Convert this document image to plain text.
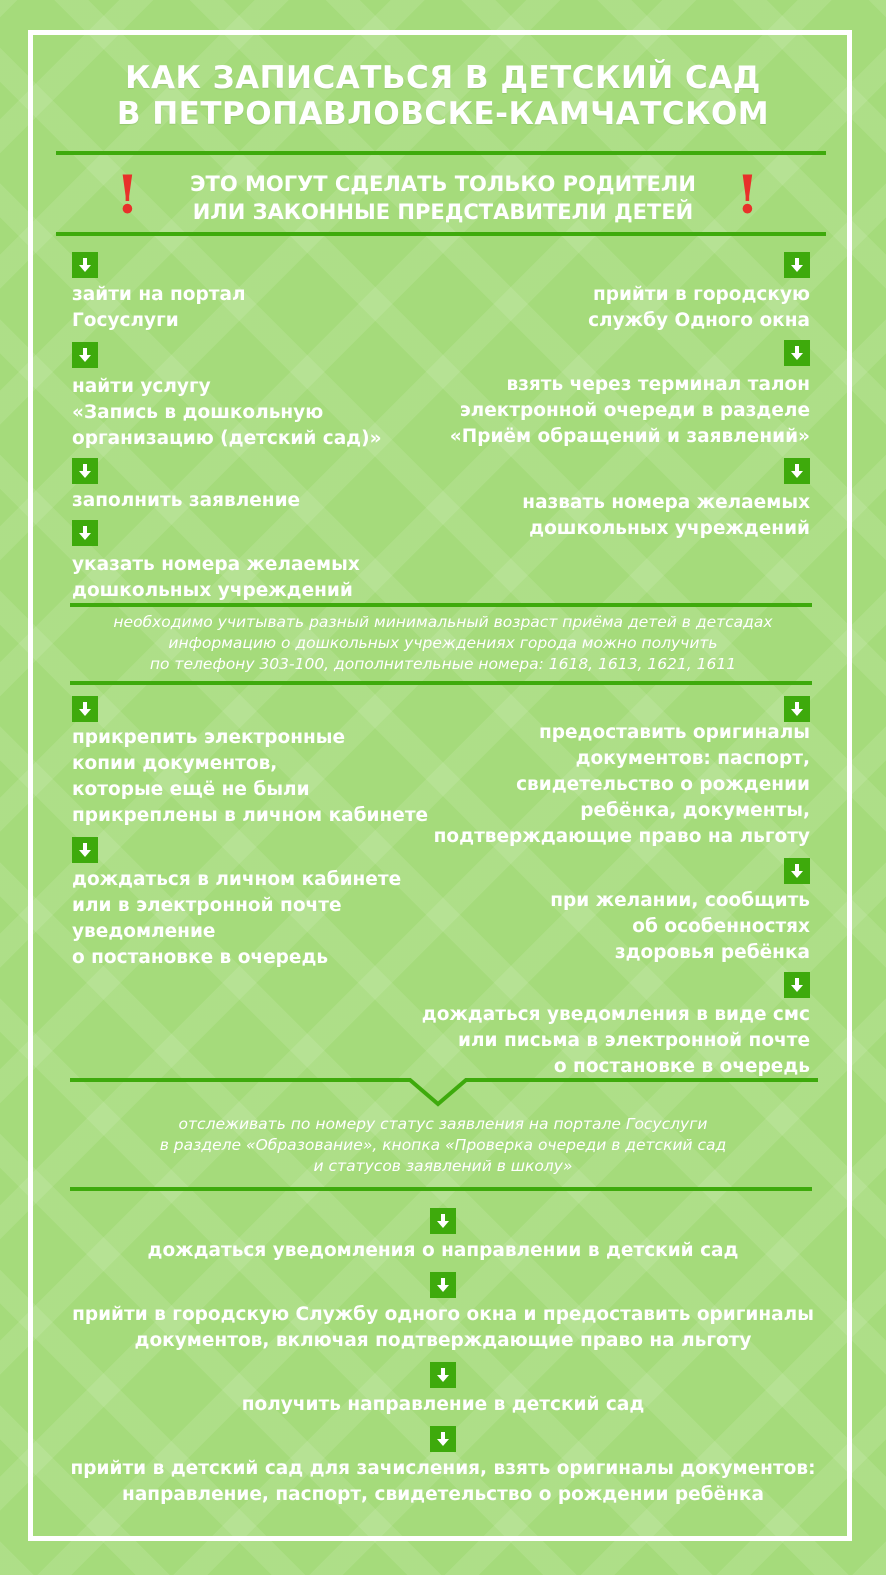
КАК ЗАПИСАТЬСЯ В ДЕТСКИЙ САД
В ПЕТРОПАВЛОВСКЕ-КАМЧАТСКОМ
!	!
ЭТО МОГУТ СДЕЛАТЬ ТОЛЬКО РОДИТЕЛИ
ИЛИ ЗАКОННЫЕ ПРЕДСТАВИТЕЛИ ДЕТЕЙ
зайти на портал
Госуслуги
найти услугу
«Запись в дошкольную
организацию (детский сад)»
заполнить заявление
указать номера желаемых
дошкольных учреждений
прийти в городскую
службу Одного окна
взять через терминал талон
электронной очереди в разделе
«Приём обращений и заявлений»
назвать номера желаемых
дошкольных учреждений
необходимо учитывать разный минимальный возраст приёма детей в детсадах
информацию о дошкольных учреждениях города можно получить
по телефону 303-100, дополнительные номера: 1618, 1613, 1621, 1611
прикрепить электронные
копии документов,
которые ещё не были
прикреплены в личном кабинете
дождаться в личном кабинете
или в электронной почте
уведомление
о постановке в очередь
предоставить оригиналы
документов: паспорт,
свидетельство о рождении
ребёнка, документы,
подтверждающие право на льготу
при желании, сообщить
об особенностях
здоровья ребёнка
дождаться уведомления в виде смс
или письма в электронной почте
о постановке в очередь
отслеживать по номеру статус заявления на портале Госуслуги
в разделе «Образование», кнопка «Проверка очереди в детский сад
и статусов заявлений в школу»
дождаться уведомления о направлении в детский сад
прийти в городскую Службу одного окна и предоставить оригиналы
документов, включая подтверждающие право на льготу
получить направление в детский сад
прийти в детский сад для зачисления, взять оригиналы документов:
направление, паспорт, свидетельство о рождении ребёнка
